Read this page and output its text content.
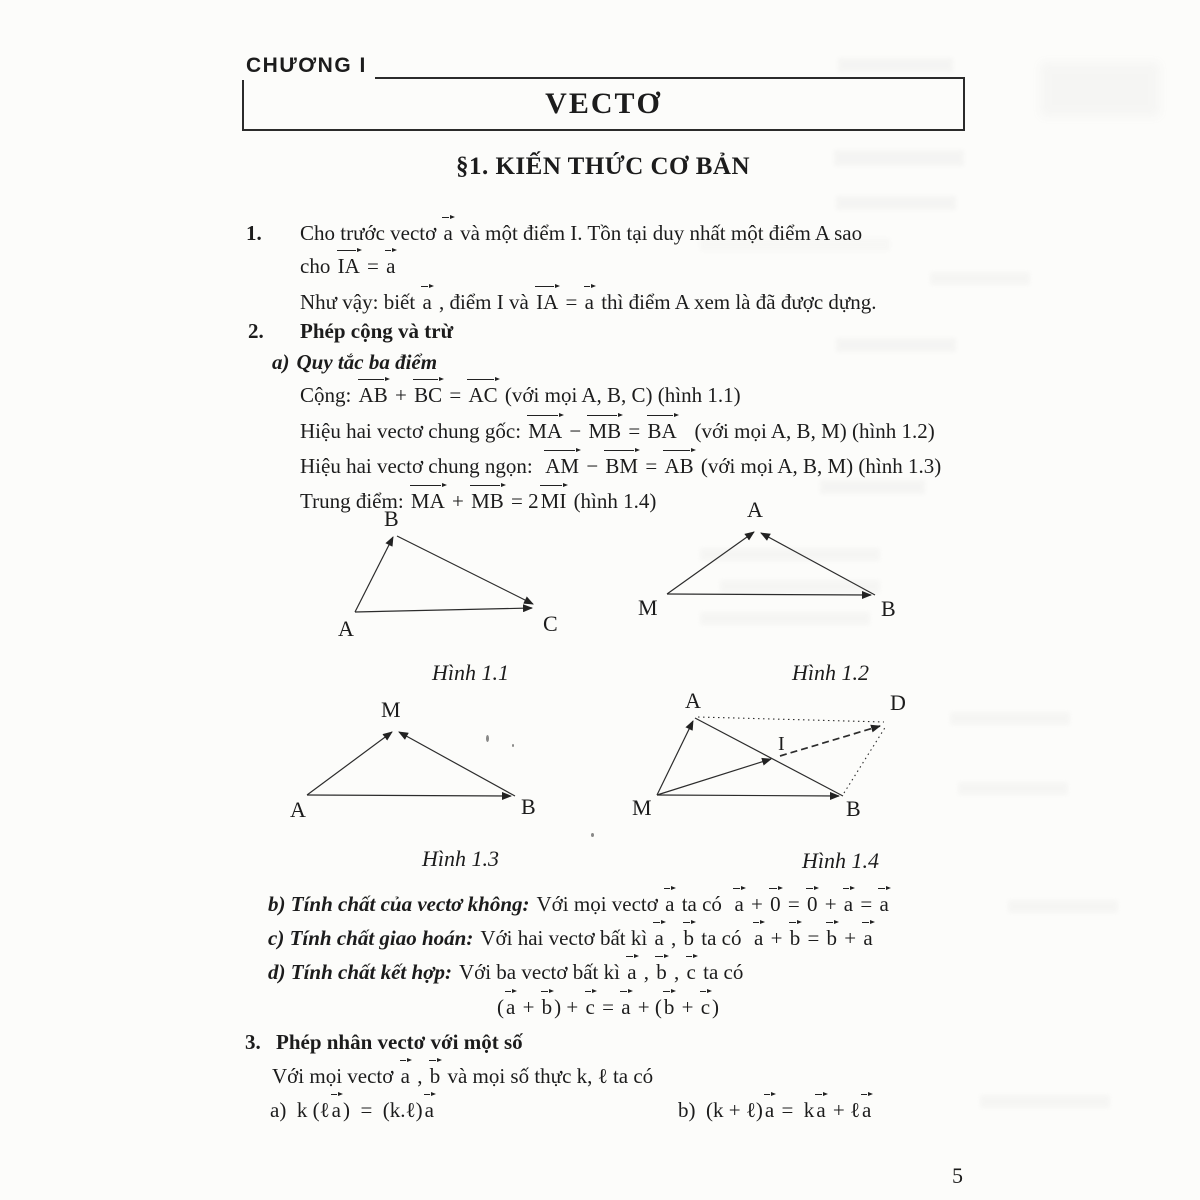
CHƯƠNG I
VECTƠ
§1. KIẾN THỨC CƠ BẢN
1. Cho trước vectơ a và một điểm I. Tồn tại duy nhất một điểm A sao
cho IA = a
Như vậy: biết a , điểm I và IA = a thì điểm A xem là đã được dựng.
2. Phép cộng và trừ
a) Quy tắc ba điểm
Cộng: AB + BC = AC (với mọi A, B, C) (hình 1.1)
Hiệu hai vectơ chung gốc: MA − MB = BA   (với mọi A, B, M) (hình 1.2)
Hiệu hai vectơ chung ngọn:  AM − BM = AB (với mọi A, B, M) (hình 1.3)
Trung điểm: MA + MB = 2MI (hình 1.4)
B
A	C
Hình 1.1
A
M	B
Hình 1.2
M
A	B
Hình 1.3
A	D
M	B
I
Hình 1.4
b) Tính chất của vectơ không: Với mọi vectơ a ta có  a + 0 = 0 + a = a
c) Tính chất giao hoán: Với hai vectơ bất kì a , b ta có  a + b = b + a
d) Tính chất kết hợp: Với ba vectơ bất kì a , b , c ta có
(a + b) + c = a + (b + c)
3. Phép nhân vectơ với một số
Với mọi vectơ a , b và mọi số thực k, ℓ ta có
a)  k (ℓa)  =  (k.ℓ)a	b)  (k + ℓ)a =  ka + ℓa
5
